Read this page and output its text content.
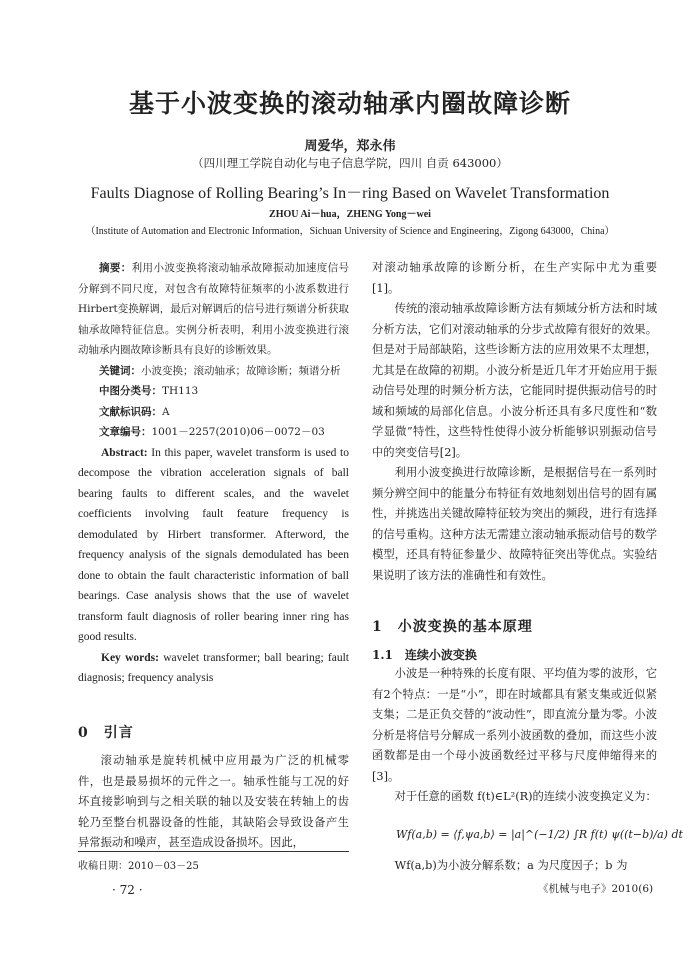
基于小波变换的滚动轴承内圈故障诊断
周爱华，郑永伟
（四川理工学院自动化与电子信息学院，四川 自贡 643000）
Faults Diagnose of Rolling Bearing’s In－ring Based on Wavelet Transformation
ZHOU Ai－hua，ZHENG Yong－wei
（Institute of Automation and Electronic Information，Sichuan University of Science and Engineering，Zigong 643000，China）

摘要：利用小波变换将滚动轴承故障振动加速度信号分解到不同尺度，对包含有故障特征频率的小波系数进行Hirbert变换解调，最后对解调后的信号进行频谱分析获取轴承故障特征信息。实例分析表明，利用小波变换进行滚动轴承内圈故障诊断具有良好的诊断效果。

关键词：小波变换；滚动轴承；故障诊断；频谱分析

中图分类号：TH113

文献标识码：A

文章编号：1001－2257(2010)06－0072－03

Abstract: In this paper, wavelet transform is used to decompose the vibration acceleration signals of ball bearing faults to different scales, and the wavelet coefficients involving fault feature frequency is demodulated by Hirbert transformer. Afterword, the frequency analysis of the signals demodulated has been done to obtain the fault characteristic information of ball bearings. Case analysis shows that the use of wavelet transform fault diagnosis of roller bearing inner ring has good results.

Key words: wavelet transformer; ball bearing; fault diagnosis; frequency analysis

0　引言

滚动轴承是旋转机械中应用最为广泛的机械零件，也是最易损坏的元件之一。轴承性能与工况的好坏直接影响到与之相关联的轴以及安装在转轴上的齿轮乃至整台机器设备的性能，其缺陷会导致设备产生异常振动和噪声，甚至造成设备损坏。因此，

收稿日期：2010－03－25
· 72 ·

对滚动轴承故障的诊断分析，在生产实际中尤为重要[1]。

传统的滚动轴承故障诊断方法有频域分析方法和时域分析方法，它们对滚动轴承的分步式故障有很好的效果。但是对于局部缺陷，这些诊断方法的应用效果不太理想，尤其是在故障的初期。小波分析是近几年才开始应用于振动信号处理的时频分析方法，它能同时提供振动信号的时域和频域的局部化信息。小波分析还具有多尺度性和“数学显微”特性，这些特性使得小波分析能够识别振动信号中的突变信号[2]。

利用小波变换进行故障诊断，是根据信号在一系列时频分辨空间中的能量分布特征有效地刻划出信号的固有属性，并挑选出关键故障特征较为突出的频段，进行有选择的信号重构。这种方法无需建立滚动轴承振动信号的数学模型，还具有特征参量少、故障特征突出等优点。实验结果说明了该方法的准确性和有效性。

1　小波变换的基本原理
1.1　连续小波变换

小波是一种特殊的长度有限、平均值为零的波形，它有2个特点：一是“小”，即在时域都具有紧支集或近似紧支集；二是正负交替的“波动性”，即直流分量为零。小波分析是将信号分解成一系列小波函数的叠加，而这些小波函数都是由一个母小波函数经过平移与尺度伸缩得来的[3]。

对于任意的函数 f(t)∈L²(R)的连续小波变换定义为：

Wf(a,b) = ⟨f,ψa,b⟩ = |a|^(−1/2) ∫R f(t) ψ((t−b)/a) dt

Wf(a,b)为小波分解系数；a 为尺度因子；b 为

《机械与电子》2010(6)
